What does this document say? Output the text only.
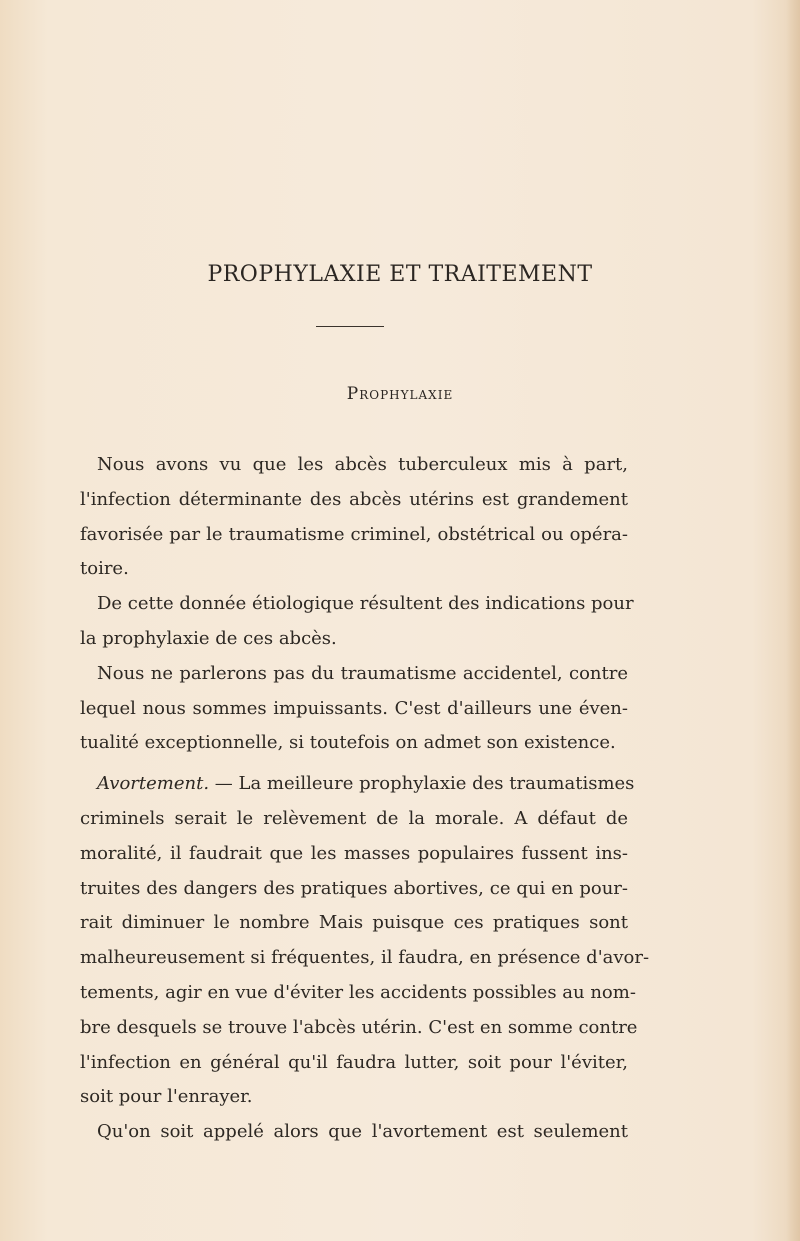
PROPHYLAXIE ET TRAITEMENT
Prophylaxie
Nous avons vu que les abcès tuberculeux mis à part,
l'infection déterminante des abcès utérins est grandement
favorisée par le traumatisme criminel, obstétrical ou opéra-
toire.
De cette donnée étiologique résultent des indications pour
la prophylaxie de ces abcès.
Nous ne parlerons pas du traumatisme accidentel, contre
lequel nous sommes impuissants. C'est d'ailleurs une éven-
tualité exceptionnelle, si toutefois on admet son existence.
Avortement. — La meilleure prophylaxie des traumatismes
criminels serait le relèvement de la morale. A défaut de
moralité, il faudrait que les masses populaires fussent ins-
truites des dangers des pratiques abortives, ce qui en pour-
rait diminuer le nombre Mais puisque ces pratiques sont
malheureusement si fréquentes, il faudra, en présence d'avor-
tements, agir en vue d'éviter les accidents possibles au nom-
bre desquels se trouve l'abcès utérin. C'est en somme contre
l'infection en général qu'il faudra lutter, soit pour l'éviter,
soit pour l'enrayer.
Qu'on soit appelé alors que l'avortement est seulement
